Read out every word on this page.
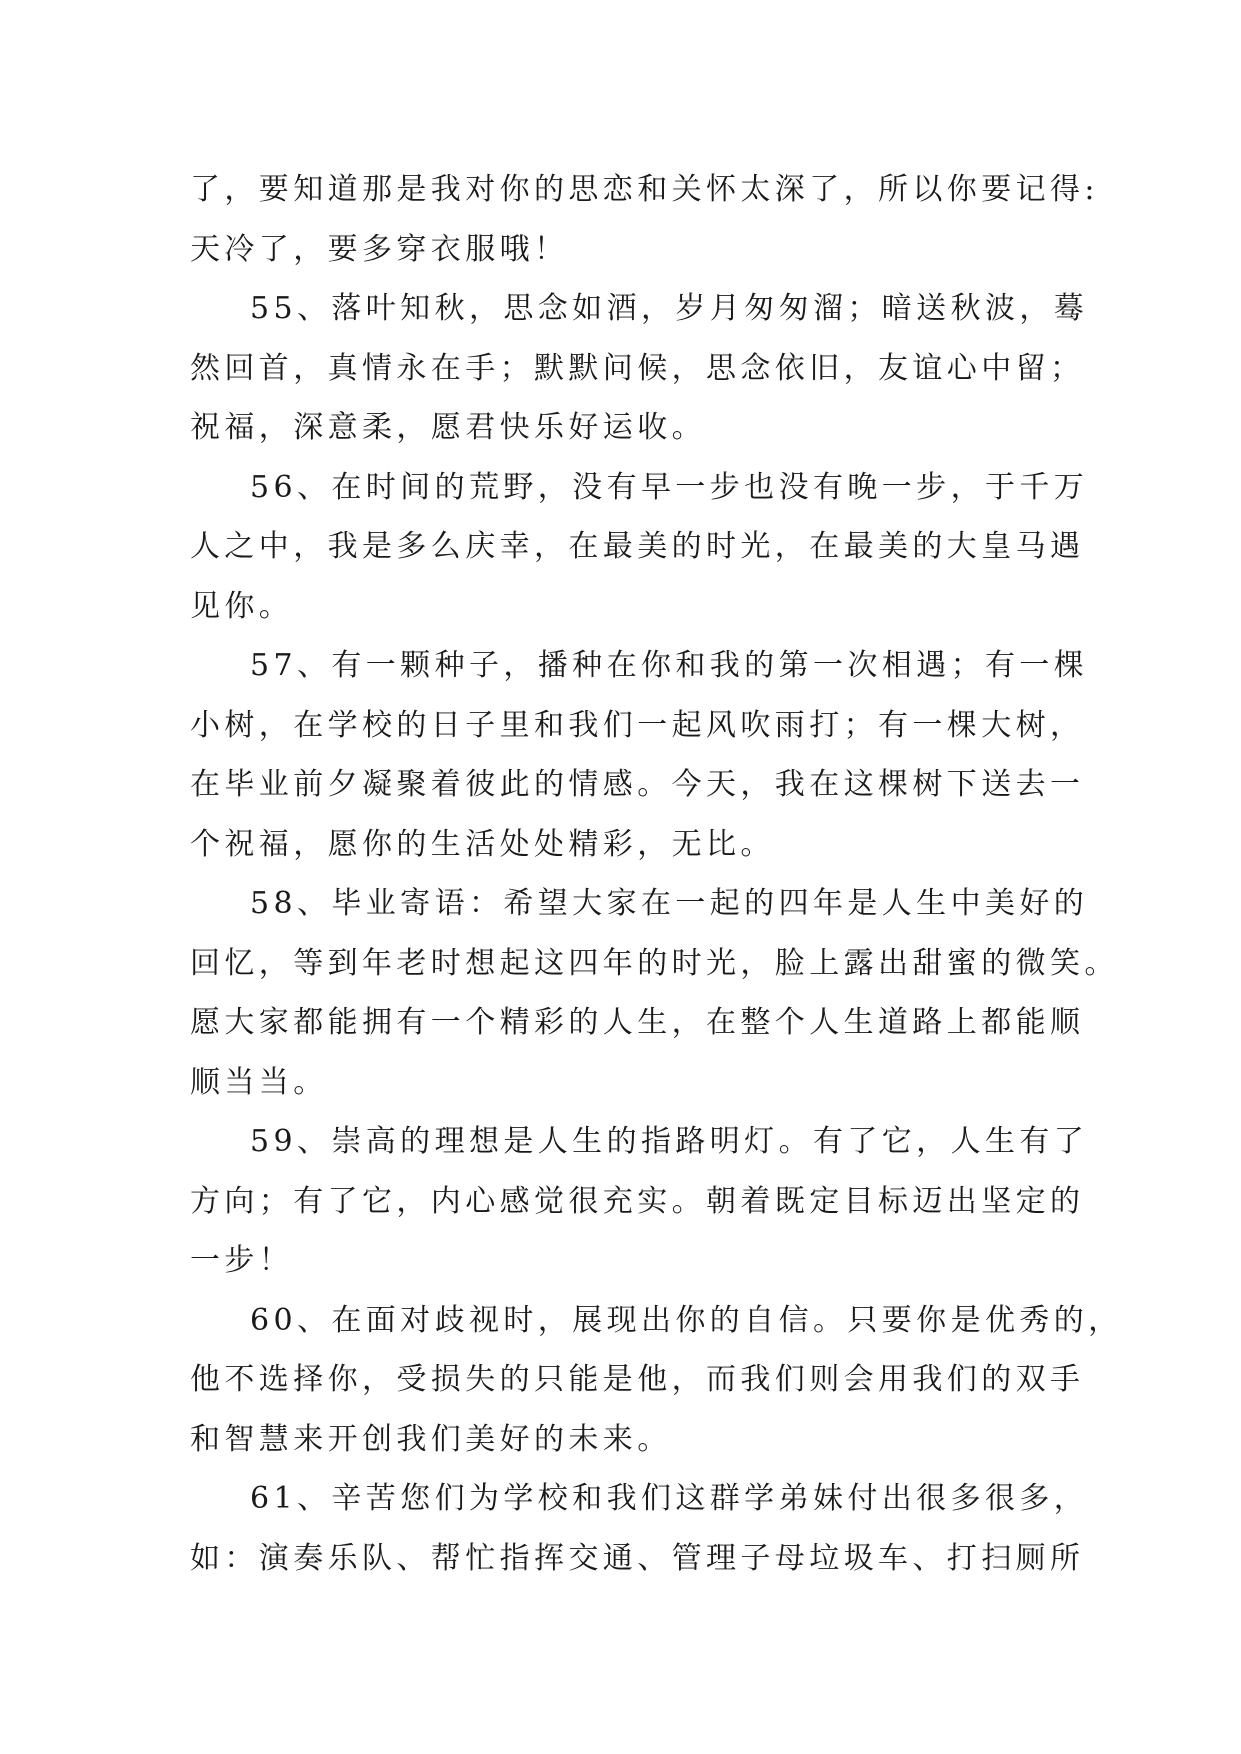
了，要知道那是我对你的思恋和关怀太深了，所以你要记得:
天冷了，要多穿衣服哦！
55、落叶知秋，思念如酒，岁月匆匆溜；暗送秋波，蓦
然回首，真情永在手；默默问候，思念依旧，友谊心中留；
祝福，深意柔，愿君快乐好运收。
56、在时间的荒野，没有早一步也没有晚一步，于千万
人之中，我是多么庆幸，在最美的时光，在最美的大皇马遇
见你。
57、有一颗种子，播种在你和我的第一次相遇；有一棵
小树，在学校的日子里和我们一起风吹雨打；有一棵大树，
在毕业前夕凝聚着彼此的情感。今天，我在这棵树下送去一
个祝福，愿你的生活处处精彩，无比。
58、毕业寄语：希望大家在一起的四年是人生中美好的
回忆，等到年老时想起这四年的时光，脸上露出甜蜜的微笑。
愿大家都能拥有一个精彩的人生，在整个人生道路上都能顺
顺当当。
59、崇高的理想是人生的指路明灯。有了它，人生有了
方向；有了它，内心感觉很充实。朝着既定目标迈出坚定的
一步！
60、在面对歧视时，展现出你的自信。只要你是优秀的，
他不选择你，受损失的只能是他，而我们则会用我们的双手
和智慧来开创我们美好的未来。
61、辛苦您们为学校和我们这群学弟妹付出很多很多，
如：演奏乐队、帮忙指挥交通、管理子母垃圾车、打扫厕所
